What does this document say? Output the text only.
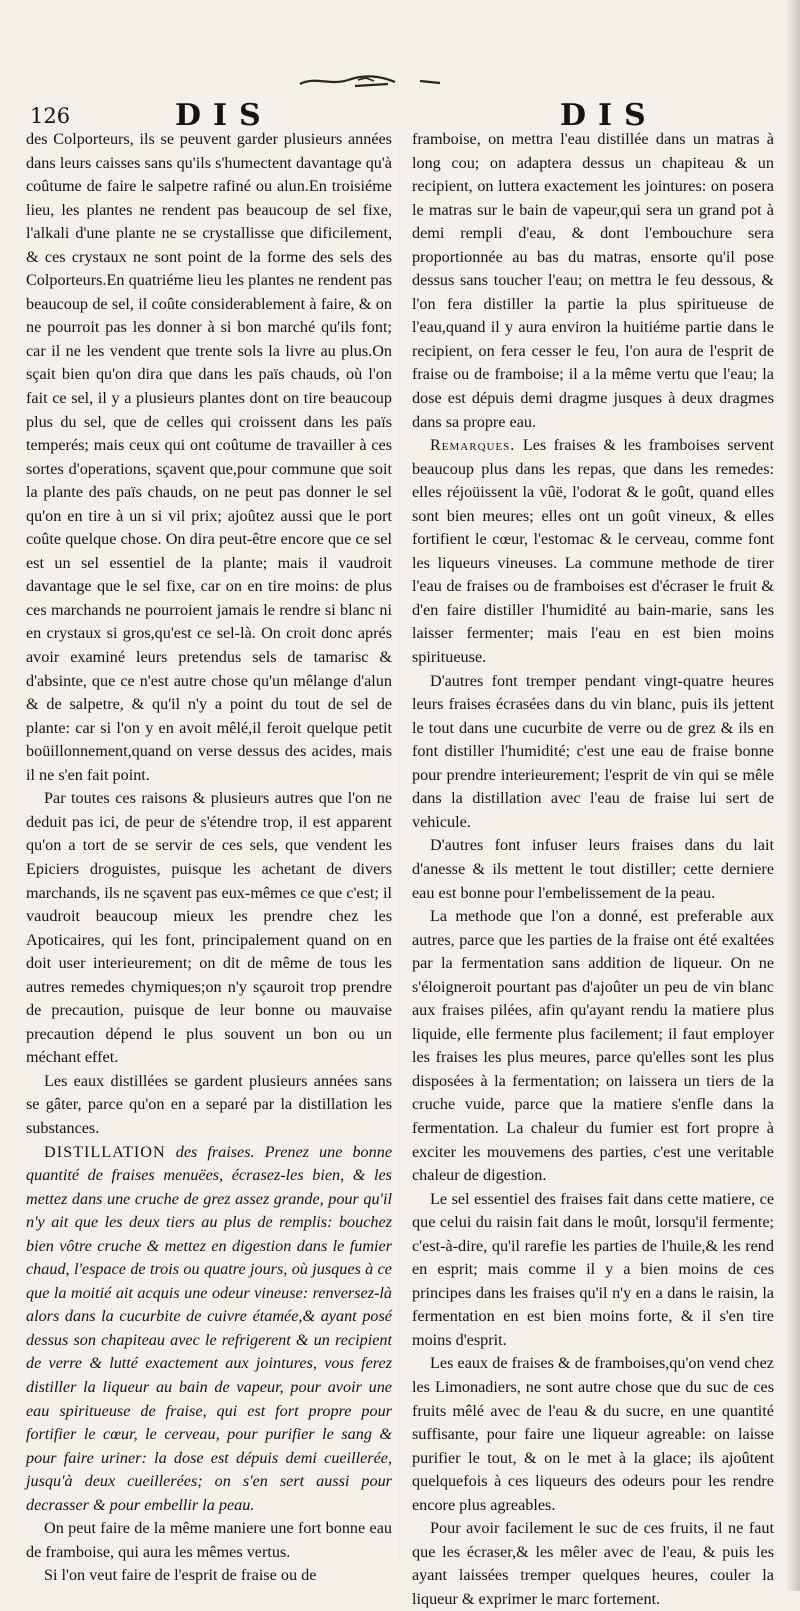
126	DIS	DIS

des Colporteurs, ils se peuvent garder plusieurs années dans leurs caisses sans qu'ils s'humectent davantage qu'à coûtume de faire le salpetre rafiné ou alun.En troisiéme lieu, les plantes ne rendent pas beaucoup de sel fixe, l'alkali d'une plante ne se crystallisse que dificilement, & ces crystaux ne sont point de la forme des sels des Colporteurs.En quatriéme lieu les plantes ne rendent pas beaucoup de sel, il coûte considerablement à faire, & on ne pourroit pas les donner à si bon marché qu'ils font; car il ne les vendent que trente sols la livre au plus.On sçait bien qu'on dira que dans les païs chauds, où l'on fait ce sel, il y a plusieurs plantes dont on tire beaucoup plus du sel, que de celles qui croissent dans les païs temperés; mais ceux qui ont coûtume de travailler à ces sortes d'operations, sçavent que,pour commune que soit la plante des païs chauds, on ne peut pas donner le sel qu'on en tire à un si vil prix; ajoûtez aussi que le port coûte quelque chose. On dira peut-être encore que ce sel est un sel essentiel de la plante; mais il vaudroit davantage que le sel fixe, car on en tire moins: de plus ces marchands ne pourroient jamais le rendre si blanc ni en crystaux si gros,qu'est ce sel-là. On croit donc aprés avoir examiné leurs pretendus sels de tamarisc & d'absinte, que ce n'est autre chose qu'un mêlange d'alun & de salpetre, & qu'il n'y a point du tout de sel de plante: car si l'on y en avoit mêlé,il feroit quelque petit boüillonnement,quand on verse dessus des acides, mais il ne s'en fait point.

Par toutes ces raisons & plusieurs autres que l'on ne deduit pas ici, de peur de s'étendre trop, il est apparent qu'on a tort de se servir de ces sels, que vendent les Epiciers droguistes, puisque les achetant de divers marchands, ils ne sçavent pas eux-mêmes ce que c'est; il vaudroit beaucoup mieux les prendre chez les Apoticaires, qui les font, principalement quand on en doit user interieurement; on dit de même de tous les autres remedes chymiques;on n'y sçauroit trop prendre de precaution, puisque de leur bonne ou mauvaise precaution dépend le plus souvent un bon ou un méchant effet.

Les eaux distillées se gardent plusieurs années sans se gâter, parce qu'on en a separé par la distillation les substances.

DISTILLATION des fraises. Prenez une bonne quantité de fraises menuëes, écrasez-les bien, & les mettez dans une cruche de grez assez grande, pour qu'il n'y ait que les deux tiers au plus de remplis: bouchez bien vôtre cruche & mettez en digestion dans le fumier chaud, l'espace de trois ou quatre jours, où jusques à ce que la moitié ait acquis une odeur vineuse: renversez-là alors dans la cucurbite de cuivre étamée,& ayant posé dessus son chapiteau avec le refrigerent & un recipient de verre & lutté exactement aux jointures, vous ferez distiller la liqueur au bain de vapeur, pour avoir une eau spiritueuse de fraise, qui est fort propre pour fortifier le cœur, le cerveau, pour purifier le sang & pour faire uriner: la dose est dépuis demi cueillerée, jusqu'à deux cueillerées; on s'en sert aussi pour decrasser & pour embellir la peau.

On peut faire de la même maniere une fort bonne eau de framboise, qui aura les mêmes vertus.

Si l'on veut faire de l'esprit de fraise ou de

framboise, on mettra l'eau distillée dans un matras à long cou; on adaptera dessus un chapiteau & un recipient, on luttera exactement les jointures: on posera le matras sur le bain de vapeur,qui sera un grand pot à demi rempli d'eau, & dont l'embouchure sera proportionnée au bas du matras, ensorte qu'il pose dessus sans toucher l'eau; on mettra le feu dessous, & l'on fera distiller la partie la plus spiritueuse de l'eau,quand il y aura environ la huitiéme partie dans le recipient, on fera cesser le feu, l'on aura de l'esprit de fraise ou de framboise; il a la même vertu que l'eau; la dose est dépuis demi dragme jusques à deux dragmes dans sa propre eau.

Remarques. Les fraises & les framboises servent beaucoup plus dans les repas, que dans les remedes: elles réjoüissent la vûë, l'odorat & le goût, quand elles sont bien meures; elles ont un goût vineux, & elles fortifient le cœur, l'estomac & le cerveau, comme font les liqueurs vineuses. La commune methode de tirer l'eau de fraises ou de framboises est d'écraser le fruit & d'en faire distiller l'humidité au bain-marie, sans les laisser fermenter; mais l'eau en est bien moins spiritueuse.

D'autres font tremper pendant vingt-quatre heures leurs fraises écrasées dans du vin blanc, puis ils jettent le tout dans une cucurbite de verre ou de grez & ils en font distiller l'humidité; c'est une eau de fraise bonne pour prendre interieurement; l'esprit de vin qui se mêle dans la distillation avec l'eau de fraise lui sert de vehicule.

D'autres font infuser leurs fraises dans du lait d'anesse & ils mettent le tout distiller; cette derniere eau est bonne pour l'embelissement de la peau.

La methode que l'on a donné, est preferable aux autres, parce que les parties de la fraise ont été exaltées par la fermentation sans addition de liqueur. On ne s'éloigneroit pourtant pas d'ajoûter un peu de vin blanc aux fraises pilées, afin qu'ayant rendu la matiere plus liquide, elle fermente plus facilement; il faut employer les fraises les plus meures, parce qu'elles sont les plus disposées à la fermentation; on laissera un tiers de la cruche vuide, parce que la matiere s'enfle dans la fermentation. La chaleur du fumier est fort propre à exciter les mouvemens des parties, c'est une veritable chaleur de digestion.

Le sel essentiel des fraises fait dans cette matiere, ce que celui du raisin fait dans le moût, lorsqu'il fermente; c'est-à-dire, qu'il rarefie les parties de l'huile,& les rend en esprit; mais comme il y a bien moins de ces principes dans les fraises qu'il n'y en a dans le raisin, la fermentation en est bien moins forte, & il s'en tire moins d'esprit.

Les eaux de fraises & de framboises,qu'on vend chez les Limonadiers, ne sont autre chose que du suc de ces fruits mêlé avec de l'eau & du sucre, en une quantité suffisante, pour faire une liqueur agreable: on laisse purifier le tout, & on le met à la glace; ils ajoûtent quelquefois à ces liqueurs des odeurs pour les rendre encore plus agreables.

Pour avoir facilement le suc de ces fruits, il ne faut que les écraser,& les mêler avec de l'eau, & puis les ayant laissées tremper quelques heures, couler la liqueur & exprimer le marc fortement.
